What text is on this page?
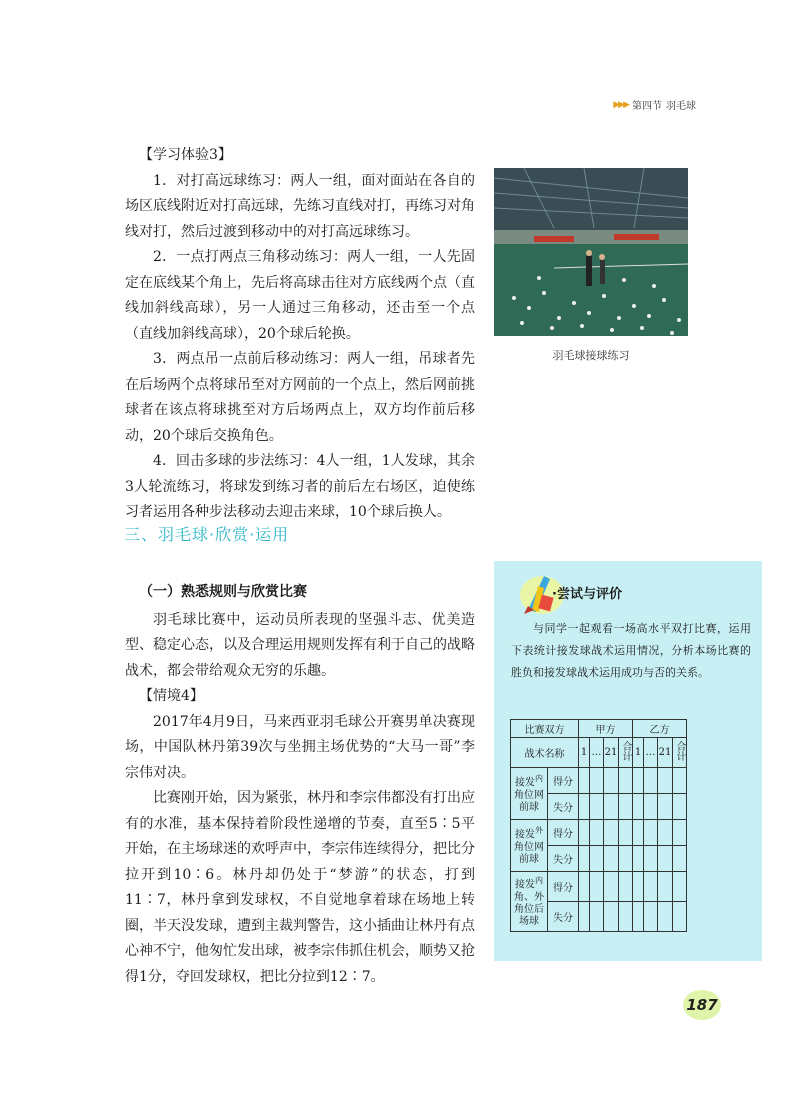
▶▶▶ 第四节 羽毛球

【学习体验3】

1．对打高远球练习：两人一组，面对面站在各自的场区底线附近对打高远球，先练习直线对打，再练习对角线对打，然后过渡到移动中的对打高远球练习。

2．一点打两点三角移动练习：两人一组，一人先固定在底线某个角上，先后将高球击往对方底线两个点（直线加斜线高球），另一人通过三角移动，还击至一个点（直线加斜线高球），20个球后轮换。

3．两点吊一点前后移动练习：两人一组，吊球者先在后场两个点将球吊至对方网前的一个点上，然后网前挑球者在该点将球挑至对方后场两点上，双方均作前后移动，20个球后交换角色。

4．回击多球的步法练习：4人一组，1人发球，其余3人轮流练习，将球发到练习者的前后左右场区，迫使练习者运用各种步法移动去迎击来球，10个球后换人。

羽毛球接球练习
三、羽毛球·欣赏·运用

（一）熟悉规则与欣赏比赛

羽毛球比赛中，运动员所表现的坚强斗志、优美造型、稳定心态，以及合理运用规则发挥有利于自己的战略战术，都会带给观众无穷的乐趣。

【情境4】

2017年4月9日，马来西亚羽毛球公开赛男单决赛现场，中国队林丹第39次与坐拥主场优势的“大马一哥”李宗伟对决。

比赛刚开始，因为紧张，林丹和李宗伟都没有打出应有的水准，基本保持着阶段性递增的节奏，直至5∶5平开始，在主场球迷的欢呼声中，李宗伟连续得分，把比分拉开到10∶6。林丹却仍处于“梦游”的状态，打到11∶7，林丹拿到发球权，不自觉地拿着球在场地上转圈，半天没发球，遭到主裁判警告，这小插曲让林丹有点心神不宁，他匆忙发出球，被李宗伟抓住机会，顺势又抢得1分，夺回发球权，把比分拉到12∶7。

·尝试与评价
与同学一起观看一场高水平双打比赛，运用下表统计接发球战术运用情况，分析本场比赛的胜负和接发球战术运用成功与否的关系。
比赛双方		甲方				乙方			
战术名称		1	…	21	合计	1	…	21	合计
接发$^内$
角位网前球	得分								
	失分								
接发$^外$
角位网前球	得分								
	失分								
接发$^内$
角、外角位后场球	得分								
	失分								
187
